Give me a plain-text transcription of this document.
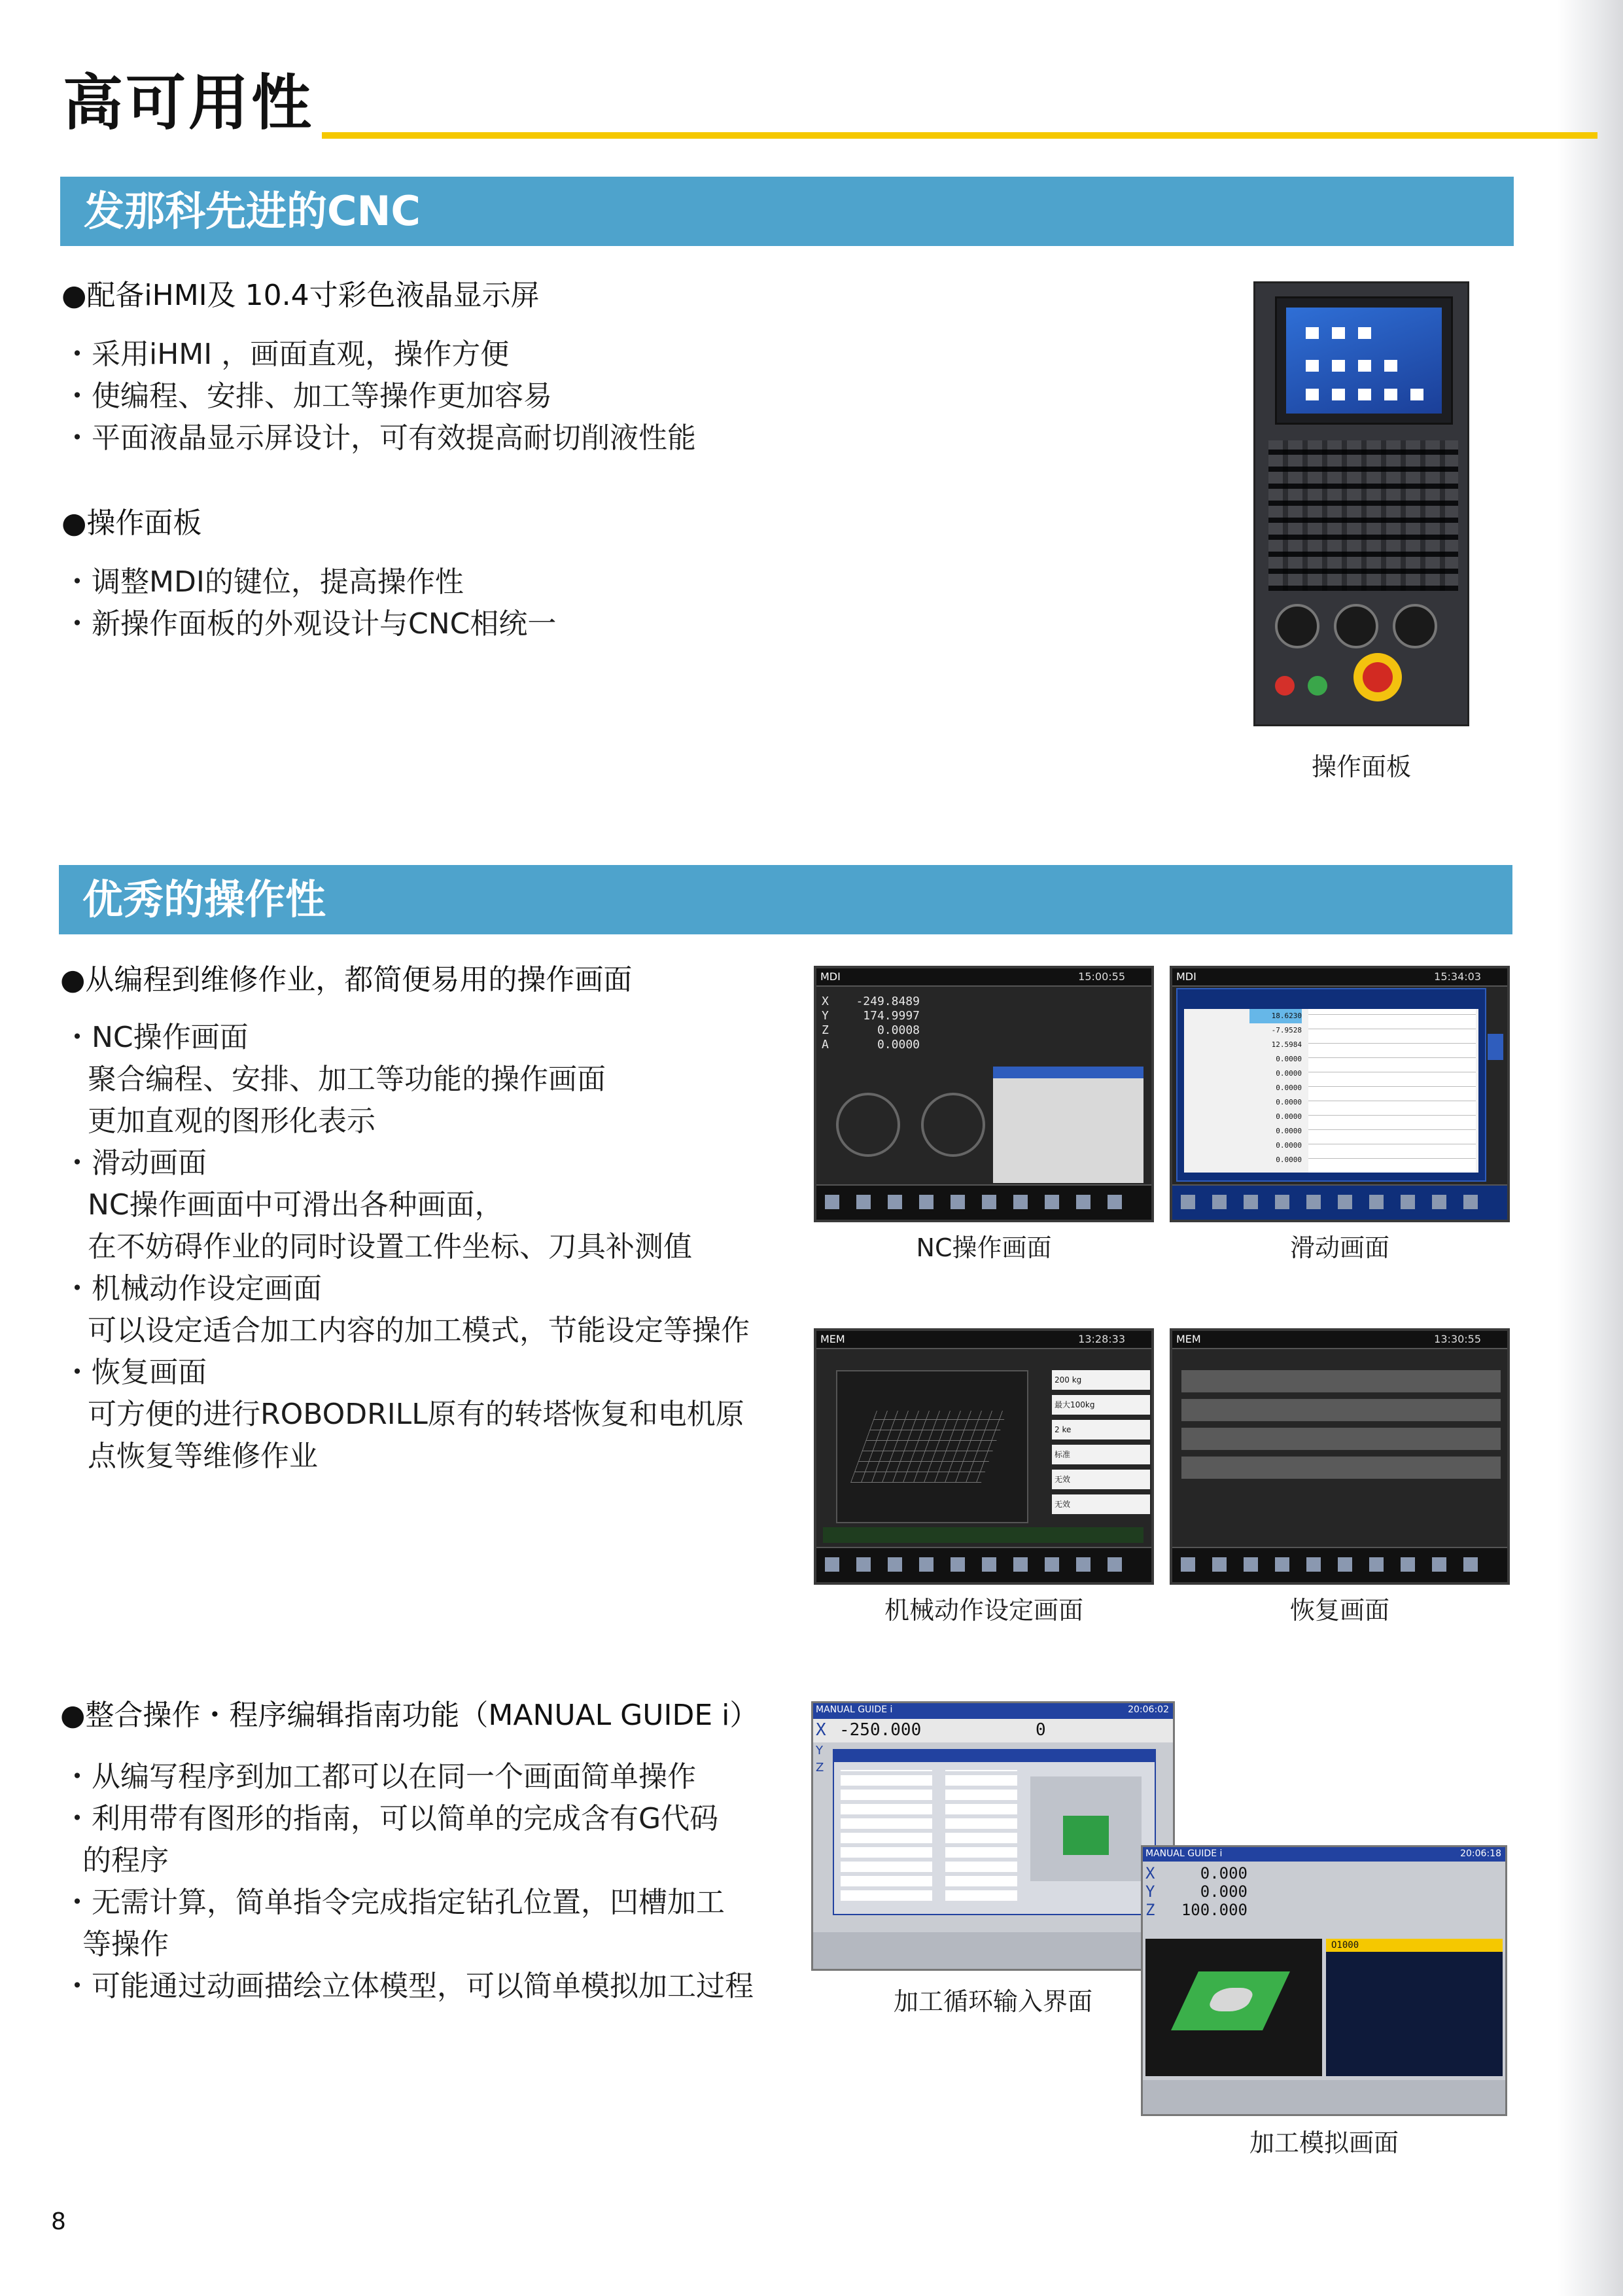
高可用性
发那科先进的CNC
●配备iHMI及 10.4寸彩色液晶显示屏
・采用iHMI ，画面直观，操作方便
・使编程、安排、加工等操作更加容易
・平面液晶显示屏设计，可有效提高耐切削液性能
●操作面板
・调整MDI的键位，提高操作性
・新操作面板的外观设计与CNC相统一
操作面板
优秀的操作性
●从编程到维修作业，都简便易用的操作画面
・NC操作画面
聚合编程、安排、加工等功能的操作画面
更加直观的图形化表示
・滑动画面
NC操作画面中可滑出各种画面，
在不妨碍作业的同时设置工件坐标、刀具补测值
・机械动作设定画面
可以设定适合加工内容的加工模式，节能设定等操作
・恢复画面
可方便的进行ROBODRILL原有的转塔恢复和电机原
点恢复等维修作业
MDI	15:00:55
X -249.8489
Y	174.9997
Z	0.0008
A	0.0000
NC操作画面
MDI	15:34:03
18.6230
-7.9528
12.5984
0.0000
0.0000
0.0000
0.0000
0.0000
0.0000
0.0000
0.0000
滑动画面
MEM	13:28:33
200 kg
最大100kg
2 ke
标准
无效
无效
机械动作设定画面
MEM	13:30:55
恢复画面
●整合操作・程序编辑指南功能（MANUAL GUIDE i）
・从编写程序到加工都可以在同一个画面简单操作
・利用带有图形的指南，可以简单的完成含有G代码
的程序
・无需计算，简单指令完成指定钻孔位置，凹槽加工
等操作
・可能通过动画描绘立体模型，可以简单模拟加工过程
MANUAL GUIDE i	20:06:02
X -250.000	0
Y
Z
加工循环输入界面
MANUAL GUIDE i	20:06:18
X	0.000
Y	0.000
Z 100.000
O1000
加工模拟画面
8
